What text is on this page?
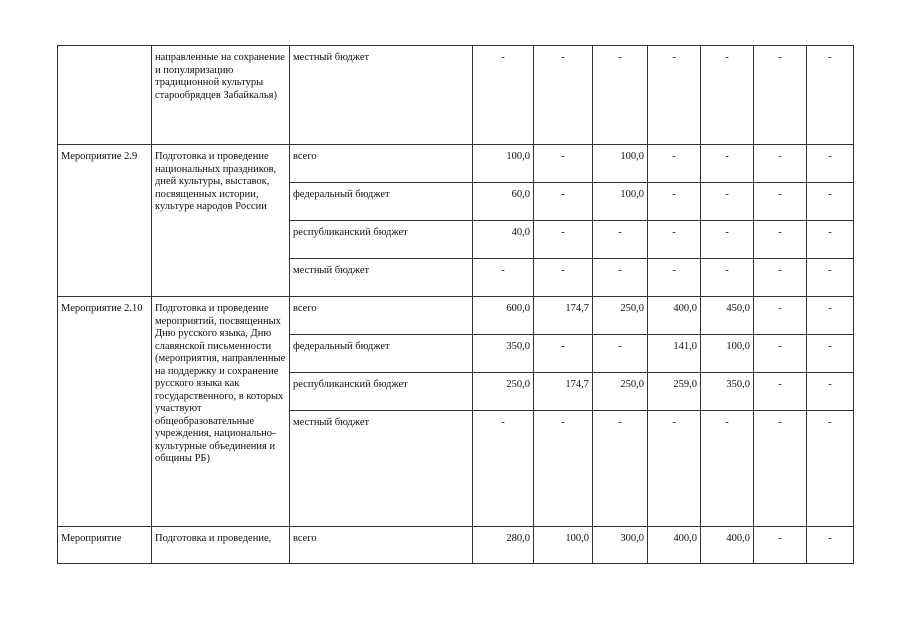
	направленные на сохранение и популяризацию традиционной культуры старообрядцев Забайкалья)	местный бюджет	-	-	-	-	-	-	-
Мероприятие 2.9	Подготовка и проведение национальных праздников, дней культуры, выставок, посвященных истории, культуре народов России	всего	100,0	-	100,0	-	-	-	-
		федеральный бюджет	60,0	-	100,0	-	-	-	-
		республиканский бюджет	40,0	-	-	-	-	-	-
		местный бюджет	-	-	-	-	-	-	-
Мероприятие 2.10	Подготовка и проведение мероприятий, посвященных Дню русского языка, Дню славянской письменности (мероприятия, направленные на поддержку и сохранение русского языка как государственного, в которых участвуют общеобразовательные учреждения, национально-культурные объединения и общины РБ)	всего	600,0	174,7	250,0	400,0	450,0	-	-
		федеральный бюджет	350,0	-	-	141,0	100,0	-	-
		республиканский бюджет	250,0	174,7	250,0	259,0	350,0	-	-
		местный бюджет	-	-	-	-	-	-	-
Мероприятие	Подготовка и проведение,	всего	280,0	100,0	300,0	400,0	400,0	-	-
